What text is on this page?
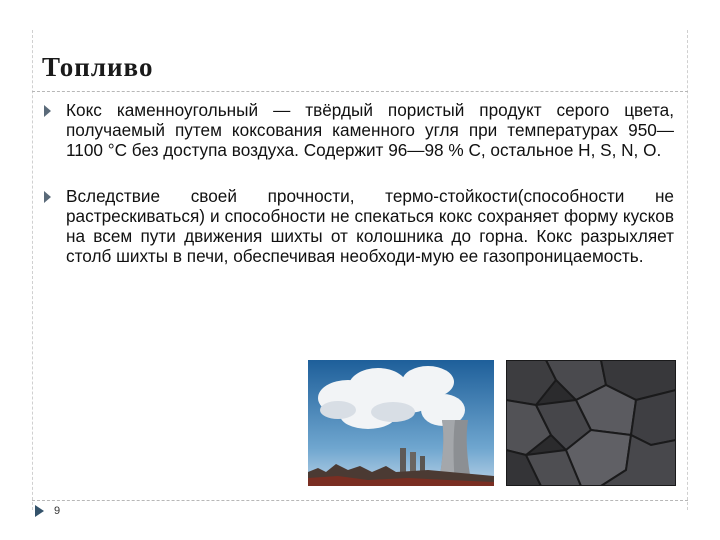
Топливо
Кокс каменноугольный — твёрдый пористый продукт серого цвета, получаемый путем коксования каменного угля при температурах 950—1100 °С без доступа воздуха. Содержит 96—98 % С, остальное H, S, N, O.
Вследствие своей прочности, термо-стойкости(способности не растрескиваться) и способности не спекаться кокс сохраняет форму кусков на всем пути движения шихты от колошника до горна. Кокс разрыхляет столб шихты в печи, обеспечивая необходи-мую ее газопроницаемость.
9
